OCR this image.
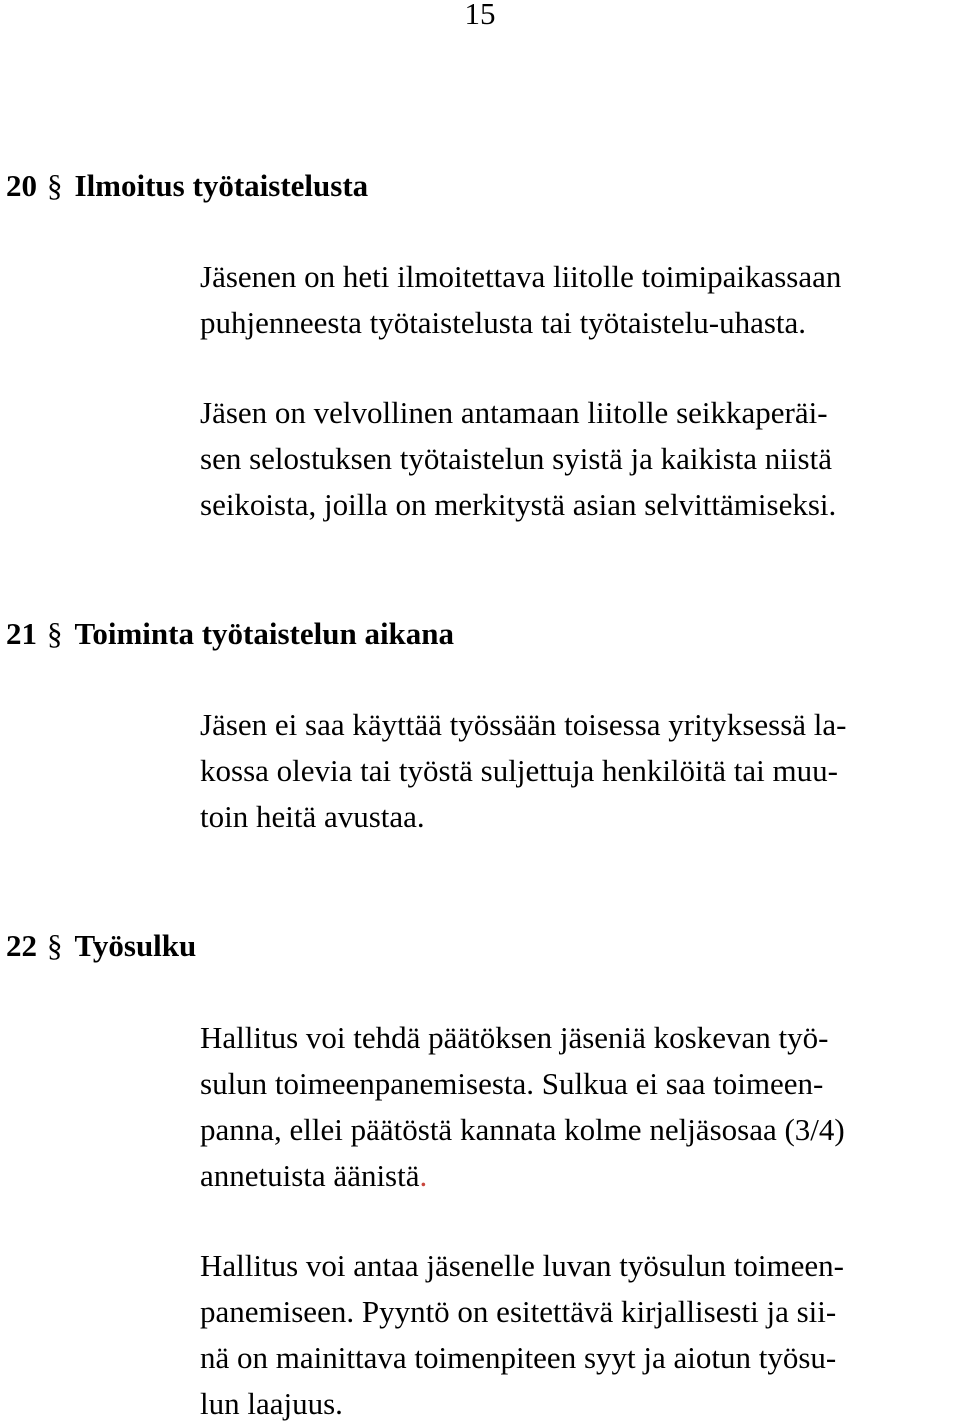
15
20 § Ilmoitus työtaistelusta
Jäsenen on heti ilmoitettava liitolle toimipaikassaan
puhjenneesta työtaistelusta tai työtaistelu-uhasta.
Jäsen on velvollinen antamaan liitolle seikkaperäi-
sen selostuksen työtaistelun syistä ja kaikista niistä
seikoista, joilla on merkitystä asian selvittämiseksi.
21 § Toiminta työtaistelun aikana
Jäsen ei saa käyttää työssään toisessa yrityksessä la-
kossa olevia tai työstä suljettuja henkilöitä tai muu-
toin heitä avustaa.
22 § Työsulku
Hallitus voi tehdä päätöksen jäseniä koskevan työ-
sulun toimeenpanemisesta. Sulkua ei saa toimeen-
panna, ellei päätöstä kannata kolme neljäsosaa (3/4)
annetuista äänistä.
Hallitus voi antaa jäsenelle luvan työsulun toimeen-
panemiseen. Pyyntö on esitettävä kirjallisesti ja sii-
nä on mainittava toimenpiteen syyt ja aiotun työsu-
lun laajuus.
